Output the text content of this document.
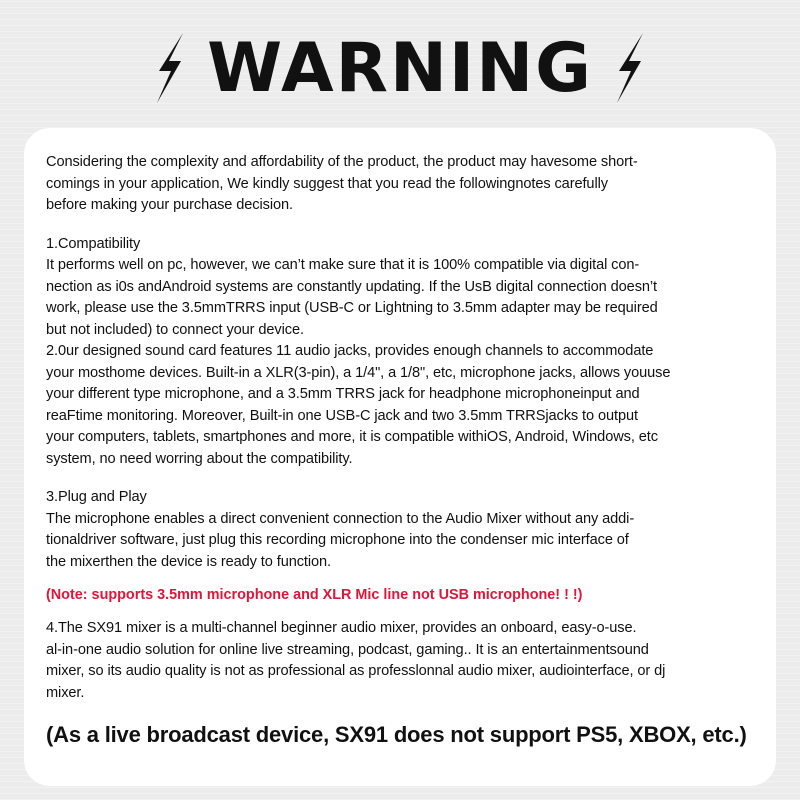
WARNING

Considering the complexity and affordability of the product, the product may havesome short-

comings in your application, We kindly suggest that you read the followingnotes carefully

before making your purchase decision.

1.Compatibility

It performs well on pc, however, we can’t make sure that it is 100% compatible via digital con-

nection as i0s andAndroid systems are constantly updating. If the UsB digital connection doesn’t

work, please use the 3.5mmTRRS input (USB-C or Lightning to 3.5mm adapter may be required

but not included) to connect your device.

2.0ur designed sound card features 11 audio jacks, provides enough channels to accommodate

your mosthome devices. Built-in a XLR(3-pin), a 1/4", a 1/8", etc, microphone jacks, allows youuse

your different type microphone, and a 3.5mm TRRS jack for headphone microphoneinput and

reaFtime monitoring. Moreover, Built-in one USB-C jack and two 3.5mm TRRSjacks to output

your computers, tablets, smartphones and more, it is compatible withiOS, Android, Windows, etc

system, no need worring about the compatibility.

3.Plug and Play

The microphone enables a direct convenient connection to the Audio Mixer without any addi-

tionaldriver software, just plug this recording microphone into the condenser mic interface of

the mixerthen the device is ready to function.

(Note: supports 3.5mm microphone and XLR Mic line not USB microphone! ! !)

4.The SX91 mixer is a multi-channel beginner audio mixer, provides an onboard, easy-o-use.

al-in-one audio solution for online live streaming, podcast, gaming.. It is an entertainmentsound

mixer, so its audio quality is not as professional as professlonnal audio mixer, audiointerface, or dj

mixer.

(As a live broadcast device, SX91 does not support PS5, XBOX, etc.)
